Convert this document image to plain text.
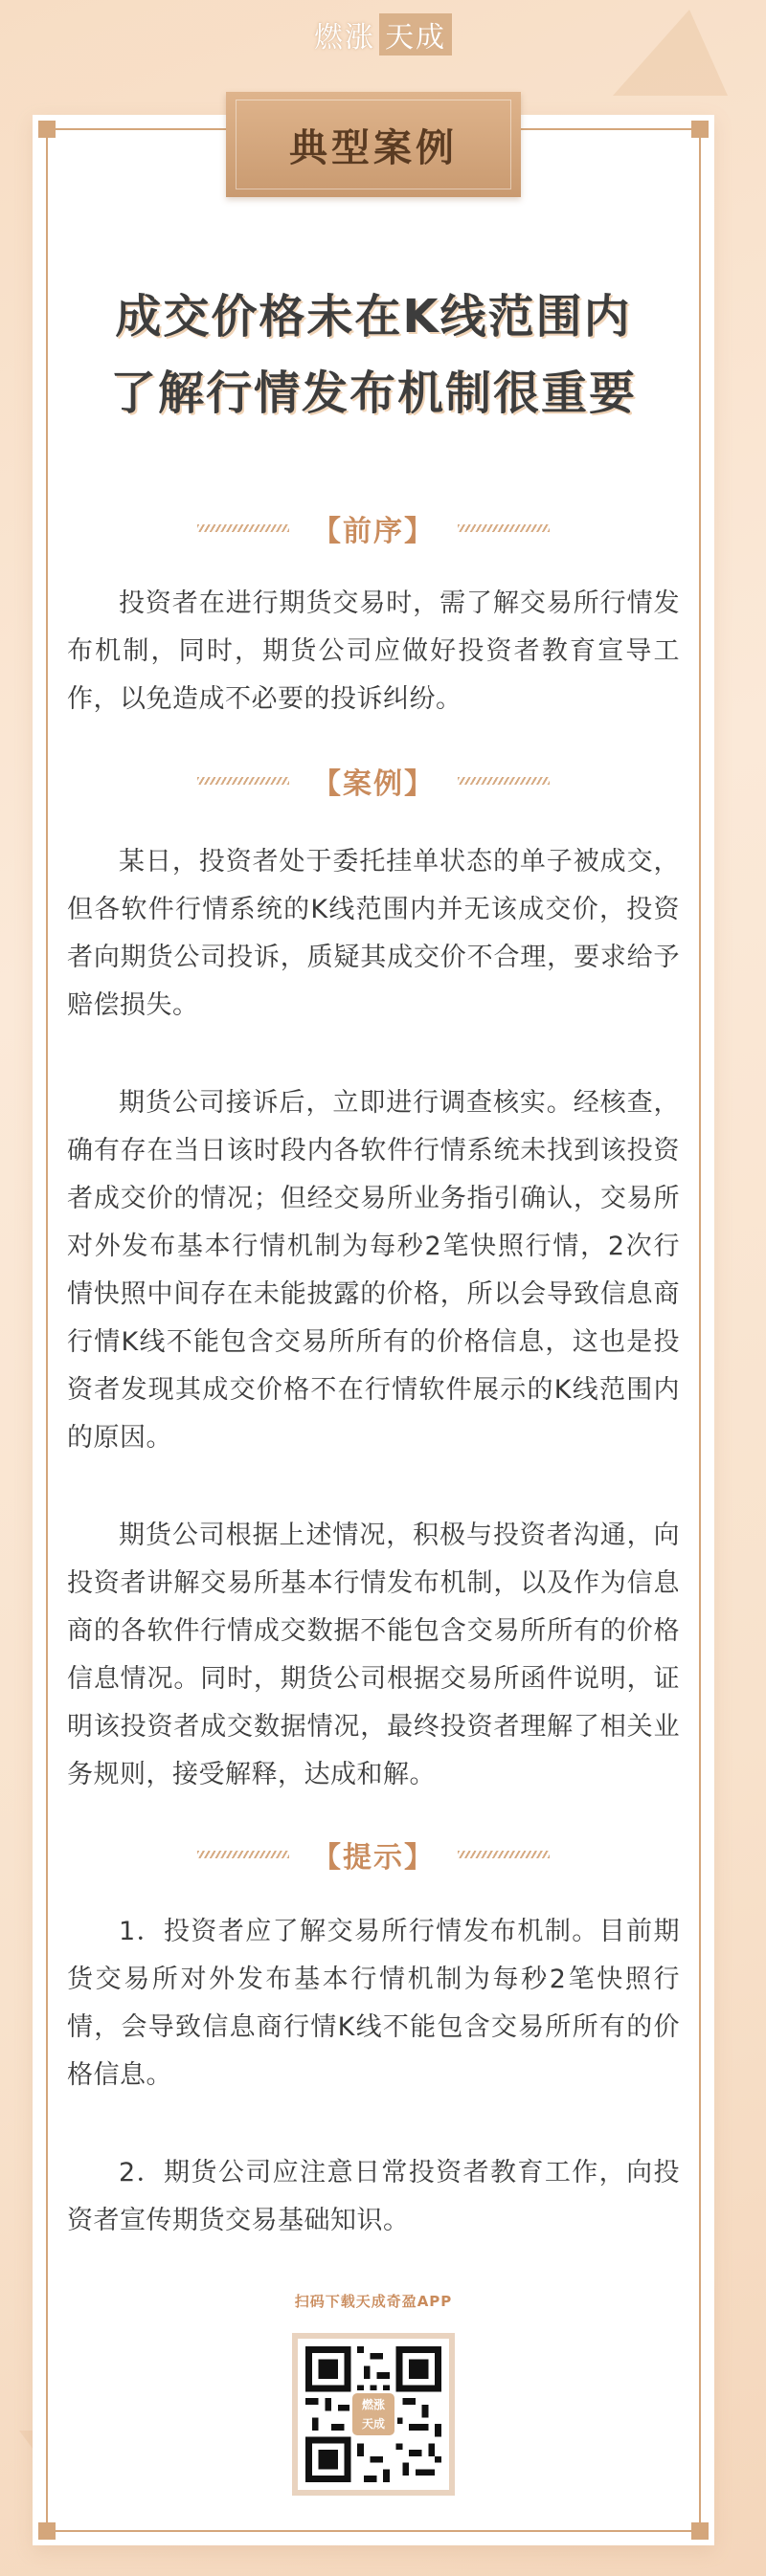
燃涨 天成
典型案例
成交价格未在K线范围内
了解行情发布机制很重要
【前序】

投资者在进行期货交易时，需了解交易所行情发布机制，同时，期货公司应做好投资者教育宣导工作，以免造成不必要的投诉纠纷。

【案例】

某日，投资者处于委托挂单状态的单子被成交，但各软件行情系统的K线范围内并无该成交价，投资者向期货公司投诉，质疑其成交价不合理，要求给予赔偿损失。

期货公司接诉后，立即进行调查核实。经核查，确有存在当日该时段内各软件行情系统未找到该投资者成交价的情况；但经交易所业务指引确认，交易所对外发布基本行情机制为每秒2笔快照行情，2次行情快照中间存在未能披露的价格，所以会导致信息商行情K线不能包含交易所所有的价格信息，这也是投资者发现其成交价格不在行情软件展示的K线范围内的原因。

期货公司根据上述情况，积极与投资者沟通，向投资者讲解交易所基本行情发布机制，以及作为信息商的各软件行情成交数据不能包含交易所所有的价格信息情况。同时，期货公司根据交易所函件说明，证明该投资者成交数据情况，最终投资者理解了相关业务规则，接受解释，达成和解。

【提示】

1．投资者应了解交易所行情发布机制。目前期货交易所对外发布基本行情机制为每秒2笔快照行情，会导致信息商行情K线不能包含交易所所有的价格信息。

2．期货公司应注意日常投资者教育工作，向投资者宣传期货交易基础知识。

扫码下载天成奇盈APP
燃涨
天成
